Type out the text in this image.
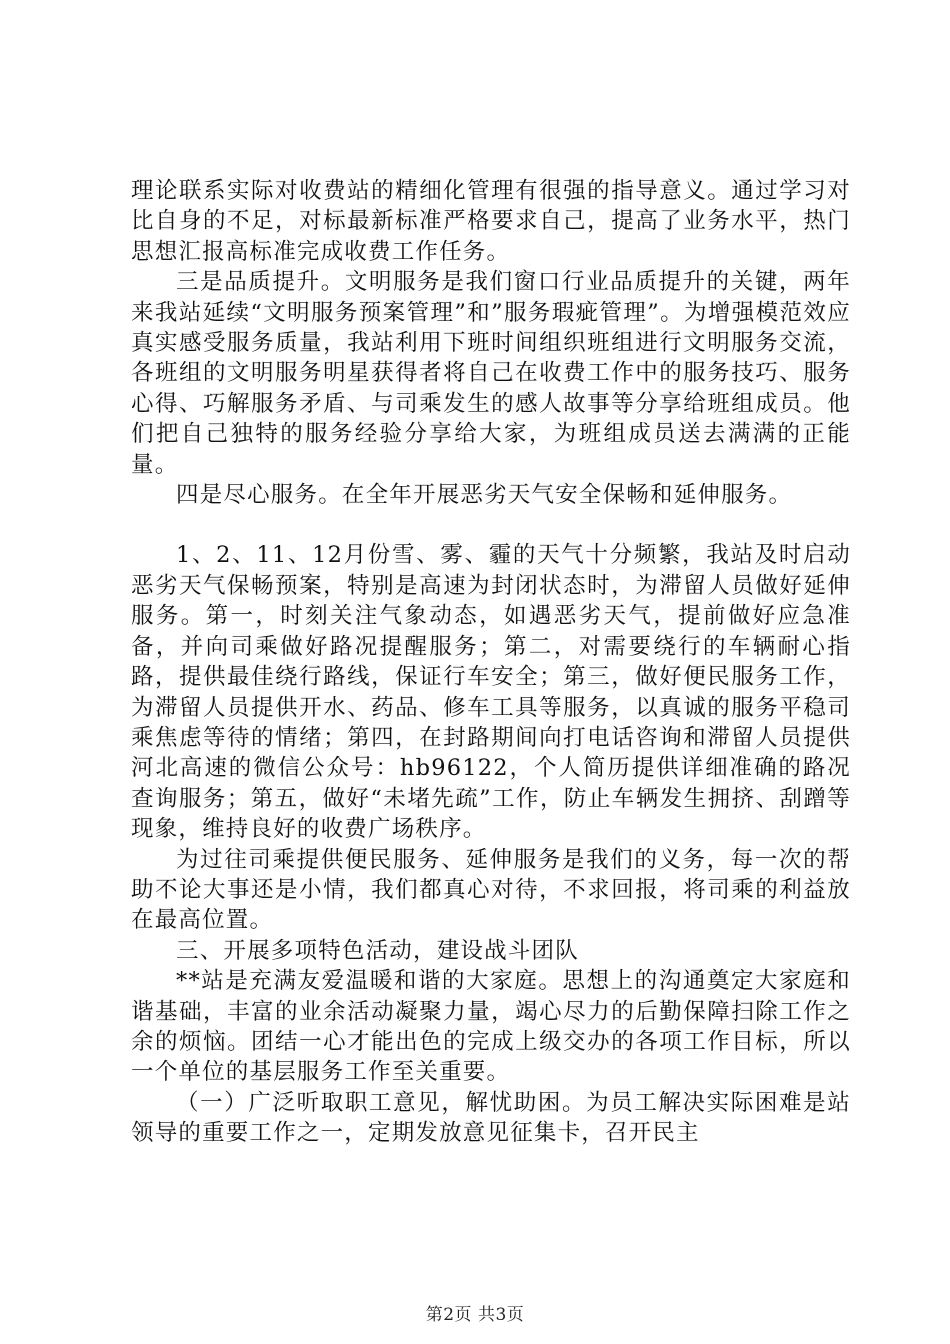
理论联系实际对收费站的精细化管理有很强的指导意义。通过学习对比自身的不足，对标最新标准严格要求自己，提高了业务水平，热门思想汇报高标准完成收费工作任务。

三是品质提升。文明服务是我们窗口行业品质提升的关键，两年来我站延续“文明服务预案管理”和”服务瑕疵管理”。为增强模范效应真实感受服务质量，我站利用下班时间组织班组进行文明服务交流，各班组的文明服务明星获得者将自己在收费工作中的服务技巧、服务心得、巧解服务矛盾、与司乘发生的感人故事等分享给班组成员。他们把自己独特的服务经验分享给大家，为班组成员送去满满的正能量。

四是尽心服务。在全年开展恶劣天气安全保畅和延伸服务。

1、2、11、12月份雪、雾、霾的天气十分频繁，我站及时启动恶劣天气保畅预案，特别是高速为封闭状态时，为滞留人员做好延伸服务。第一，时刻关注气象动态，如遇恶劣天气，提前做好应急准备，并向司乘做好路况提醒服务；第二，对需要绕行的车辆耐心指路，提供最佳绕行路线，保证行车安全；第三，做好便民服务工作，为滞留人员提供开水、药品、修车工具等服务，以真诚的服务平稳司乘焦虑等待的情绪；第四，在封路期间向打电话咨询和滞留人员提供河北高速的微信公众号：hb96122，个人简历提供详细准确的路况查询服务；第五，做好“未堵先疏”工作，防止车辆发生拥挤、刮蹭等现象，维持良好的收费广场秩序。

为过往司乘提供便民服务、延伸服务是我们的义务，每一次的帮助不论大事还是小情，我们都真心对待，不求回报，将司乘的利益放在最高位置。

三、开展多项特色活动，建设战斗团队

**站是充满友爱温暖和谐的大家庭。思想上的沟通奠定大家庭和谐基础，丰富的业余活动凝聚力量，竭心尽力的后勤保障扫除工作之余的烦恼。团结一心才能出色的完成上级交办的各项工作目标，所以一个单位的基层服务工作至关重要。

（一）广泛听取职工意见，解忧助困。为员工解决实际困难是站领导的重要工作之一，定期发放意见征集卡，召开民主

第2页 共3页
